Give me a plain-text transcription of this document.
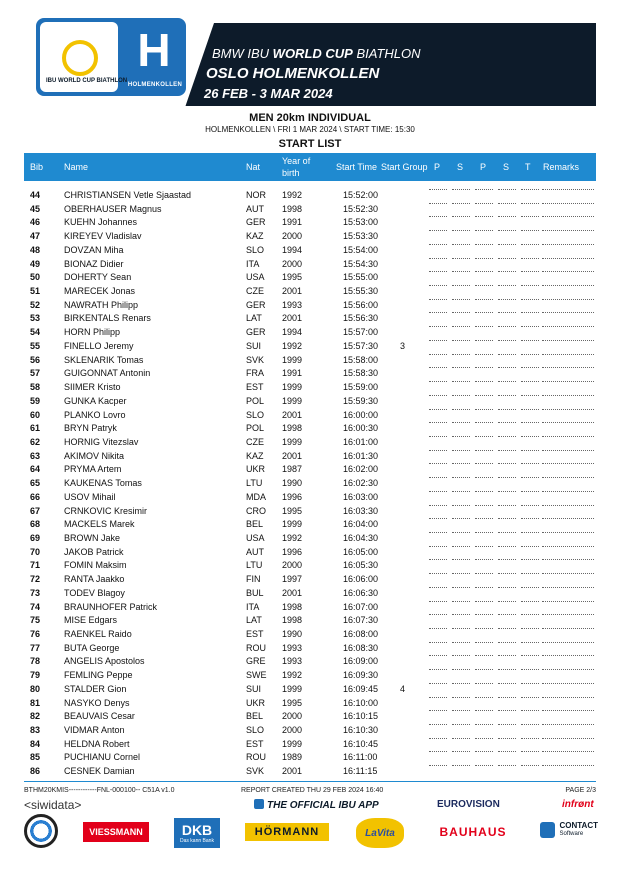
IBU WORLD CUP BIATHLON
H
HOLMENKOLLEN
BMW IBU WORLD CUP BIATHLON
OSLO HOLMENKOLLEN
26 FEB - 3 MAR 2024
MEN 20km INDIVIDUAL
HOLMENKOLLEN \ FRI 1 MAR 2024 \ START TIME: 15:30
START LIST
Bib Name	Nat
Year of birth
Start Time Start Group P S P S T Remarks
44	CHRISTIANSEN Vetle Sjaastad	NOR 1992	15:52:00
45	OBERHAUSER Magnus	AUT 1998	15:52:30
46	KUEHN Johannes	GER 1991	15:53:00
47	KIREYEV Vladislav	KAZ 2000	15:53:30
48	DOVZAN Miha	SLO 1994	15:54:00
49	BIONAZ Didier	ITA	2000	15:54:30
50	DOHERTY Sean	USA 1995	15:55:00
51	MARECEK Jonas	CZE 2001	15:55:30
52	NAWRATH Philipp	GER 1993	15:56:00
53	BIRKENTALS Renars	LAT 2001	15:56:30
54	HORN Philipp	GER 1994	15:57:00
55	FINELLO Jeremy	SUI 1992	15:57:30 3
56	SKLENARIK Tomas	SVK 1999	15:58:00
57	GUIGONNAT Antonin	FRA 1991	15:58:30
58	SIIMER Kristo	EST 1999	15:59:00
59	GUNKA Kacper	POL 1999	15:59:30
60	PLANKO Lovro	SLO 2001	16:00:00
61	BRYN Patryk	POL 1998	16:00:30
62	HORNIG Vitezslav	CZE 1999	16:01:00
63	AKIMOV Nikita	KAZ 2001	16:01:30
64	PRYMA Artem	UKR 1987	16:02:00
65	KAUKENAS Tomas	LTU 1990	16:02:30
66	USOV Mihail	MDA 1996	16:03:00
67	CRNKOVIC Kresimir	CRO 1995	16:03:30
68	MACKELS Marek	BEL 1999	16:04:00
69	BROWN Jake	USA 1992	16:04:30
70	JAKOB Patrick	AUT 1996	16:05:00
71	FOMIN Maksim	LTU 2000	16:05:30
72	RANTA Jaakko	FIN 1997	16:06:00
73	TODEV Blagoy	BUL 2001	16:06:30
74	BRAUNHOFER Patrick	ITA	1998	16:07:00
75	MISE Edgars	LAT 1998	16:07:30
76	RAENKEL Raido	EST 1990	16:08:00
77	BUTA George	ROU 1993	16:08:30
78	ANGELIS Apostolos	GRE 1993	16:09:00
79	FEMLING Peppe	SWE 1992	16:09:30
80	STALDER Gion	SUI 1999	16:09:45 4
81	NASYKO Denys	UKR 1995	16:10:00
82	BEAUVAIS Cesar	BEL 2000	16:10:15
83	VIDMAR Anton	SLO 2000	16:10:30
84	HELDNA Robert	EST 1999	16:10:45
85	PUCHIANU Cornel	ROU 1989	16:11:00
86	CESNEK Damian	SVK 2001	16:11:15
BTHM20KMIS------------FNL-000100-- C51A v1.0	REPORT CREATED THU 29 FEB 2024 16:40	PAGE 2/3
<siwidata>	THE OFFICIAL IBU APP	EUROVISION	infrønt
VIESSMANN	DKB
Das kann Bank
HÖRMANN	LaVita	BAUHAUS	CONTACT
Software
